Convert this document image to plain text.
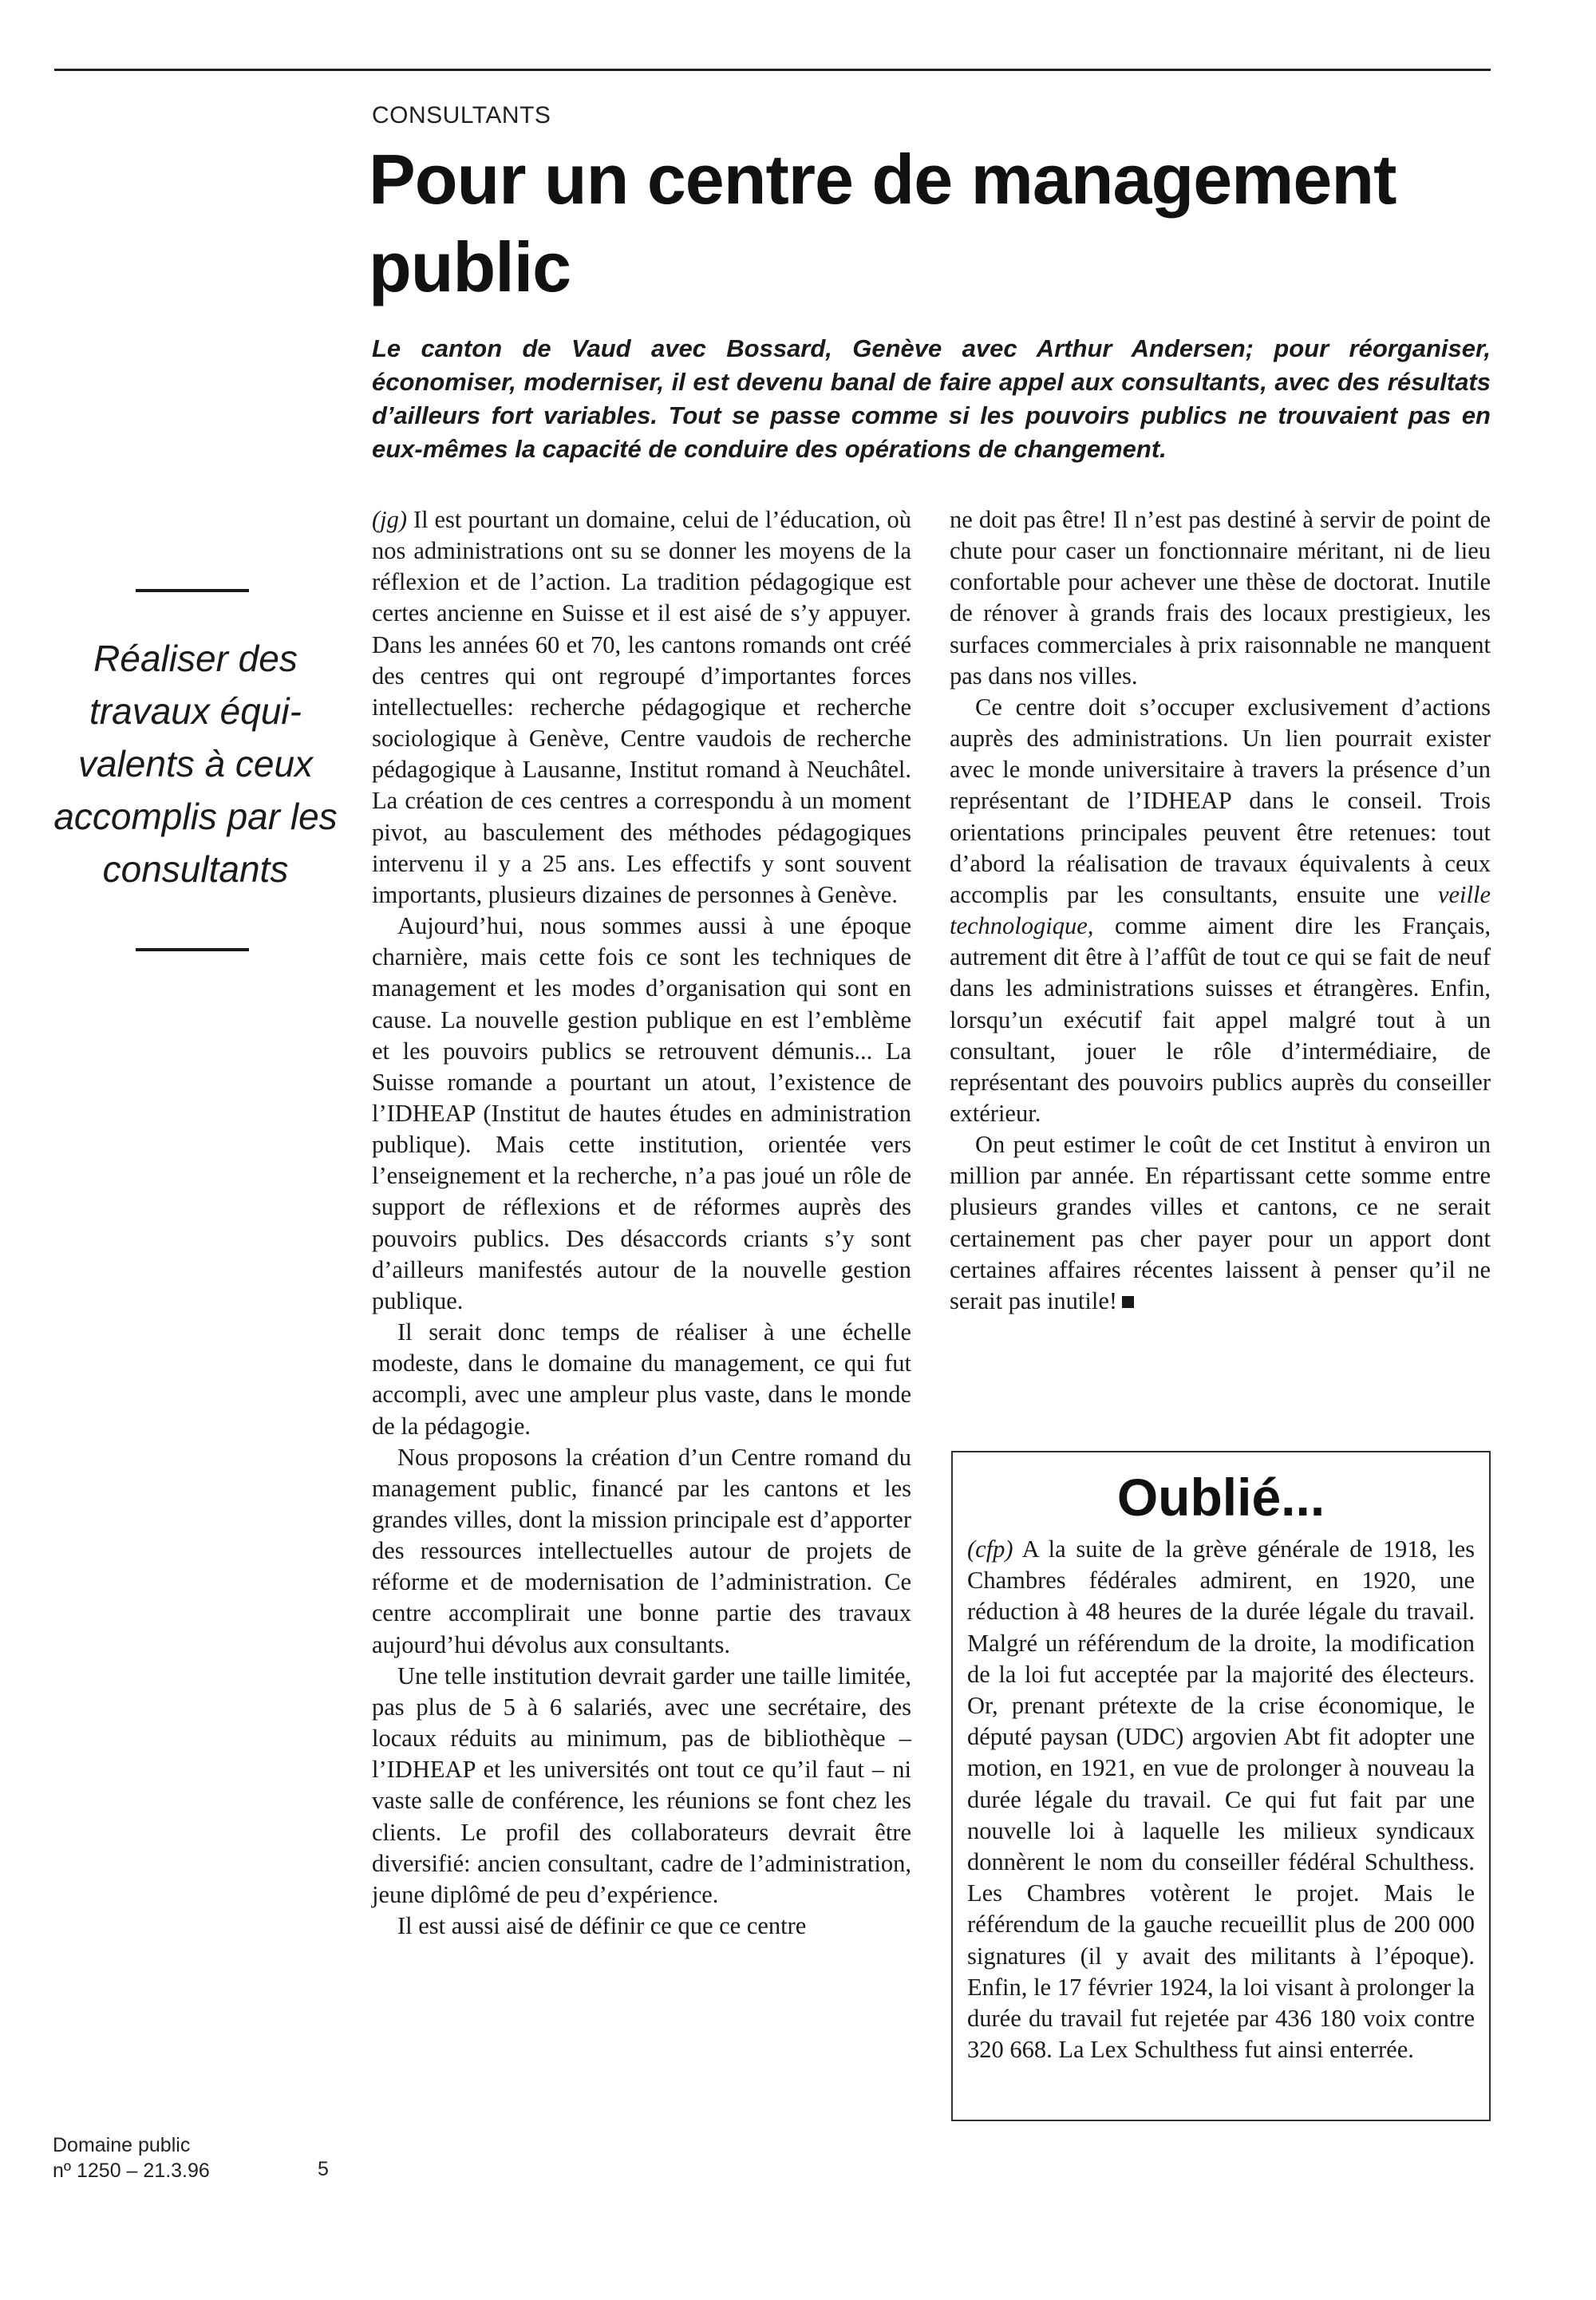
CONSULTANTS
Pour un centre de management public

Le canton de Vaud avec Bossard, Genève avec Arthur Andersen; pour réorganiser, économiser, moderniser, il est devenu banal de faire appel aux consultants, avec des résultats d’ailleurs fort variables. Tout se passe comme si les pouvoirs publics ne trouvaient pas en eux-mêmes la capacité de conduire des opérations de changement.

Réaliser des travaux équi-valents à ceux accomplis par les consultants

(jg) Il est pourtant un domaine, celui de l’éducation, où nos administrations ont su se donner les moyens de la réflexion et de l’action. La tradition pédagogique est certes ancienne en Suisse et il est aisé de s’y appuyer. Dans les années 60 et 70, les cantons romands ont créé des centres qui ont regroupé d’importantes forces intellectuelles: recherche pédagogique et recherche sociologique à Genève, Centre vaudois de recherche pédagogique à Lausanne, Institut romand à Neuchâtel. La création de ces centres a correspondu à un moment pivot, au basculement des méthodes pédagogiques intervenu il y a 25 ans. Les effectifs y sont souvent importants, plusieurs dizaines de personnes à Genève.

Aujourd’hui, nous sommes aussi à une époque charnière, mais cette fois ce sont les techniques de management et les modes d’organisation qui sont en cause. La nouvelle gestion publique en est l’emblème et les pouvoirs publics se retrouvent démunis... La Suisse romande a pourtant un atout, l’existence de l’IDHEAP (Institut de hautes études en administration publique). Mais cette institution, orientée vers l’enseignement et la recherche, n’a pas joué un rôle de support de réflexions et de réformes auprès des pouvoirs publics. Des désaccords criants s’y sont d’ailleurs manifestés autour de la nouvelle gestion publique.

Il serait donc temps de réaliser à une échelle modeste, dans le domaine du management, ce qui fut accompli, avec une ampleur plus vaste, dans le monde de la pédagogie.

Nous proposons la création d’un Centre romand du management public, financé par les cantons et les grandes villes, dont la mission principale est d’apporter des ressources intellectuelles autour de projets de réforme et de modernisation de l’administration. Ce centre accomplirait une bonne partie des travaux aujourd’hui dévolus aux consultants.

Une telle institution devrait garder une taille limitée, pas plus de 5 à 6 salariés, avec une secrétaire, des locaux réduits au minimum, pas de bibliothèque – l’IDHEAP et les universités ont tout ce qu’il faut – ni vaste salle de conférence, les réunions se font chez les clients. Le profil des collaborateurs devrait être diversifié: ancien consultant, cadre de l’administration, jeune diplômé de peu d’expérience.

Il est aussi aisé de définir ce que ce centre

ne doit pas être! Il n’est pas destiné à servir de point de chute pour caser un fonctionnaire méritant, ni de lieu confortable pour achever une thèse de doctorat. Inutile de rénover à grands frais des locaux prestigieux, les surfaces commerciales à prix raisonnable ne manquent pas dans nos villes.

Ce centre doit s’occuper exclusivement d’actions auprès des administrations. Un lien pourrait exister avec le monde universitaire à travers la présence d’un représentant de l’IDHEAP dans le conseil. Trois orientations principales peuvent être retenues: tout d’abord la réalisation de travaux équivalents à ceux accomplis par les consultants, ensuite une veille technologique, comme aiment dire les Français, autrement dit être à l’affût de tout ce qui se fait de neuf dans les administrations suisses et étrangères. Enfin, lorsqu’un exécutif fait appel malgré tout à un consultant, jouer le rôle d’intermédiaire, de représentant des pouvoirs publics auprès du conseiller extérieur.

On peut estimer le coût de cet Institut à environ un million par année. En répartissant cette somme entre plusieurs grandes villes et cantons, ce ne serait certainement pas cher payer pour un apport dont certaines affaires récentes laissent à penser qu’il ne serait pas inutile!

Oublié...

(cfp) A la suite de la grève générale de 1918, les Chambres fédérales admirent, en 1920, une réduction à 48 heures de la durée légale du travail. Malgré un référendum de la droite, la modification de la loi fut acceptée par la majorité des électeurs. Or, prenant prétexte de la crise économique, le député paysan (UDC) argovien Abt fit adopter une motion, en 1921, en vue de prolonger à nouveau la durée légale du travail. Ce qui fut fait par une nouvelle loi à laquelle les milieux syndicaux donnèrent le nom du conseiller fédéral Schulthess. Les Chambres votèrent le projet. Mais le référendum de la gauche recueillit plus de 200 000 signatures (il y avait des militants à l’époque). Enfin, le 17 février 1924, la loi visant à prolonger la durée du travail fut rejetée par 436 180 voix contre 320 668. La Lex Schulthess fut ainsi enterrée.

Domaine public
nº 1250 – 21.3.96	5
